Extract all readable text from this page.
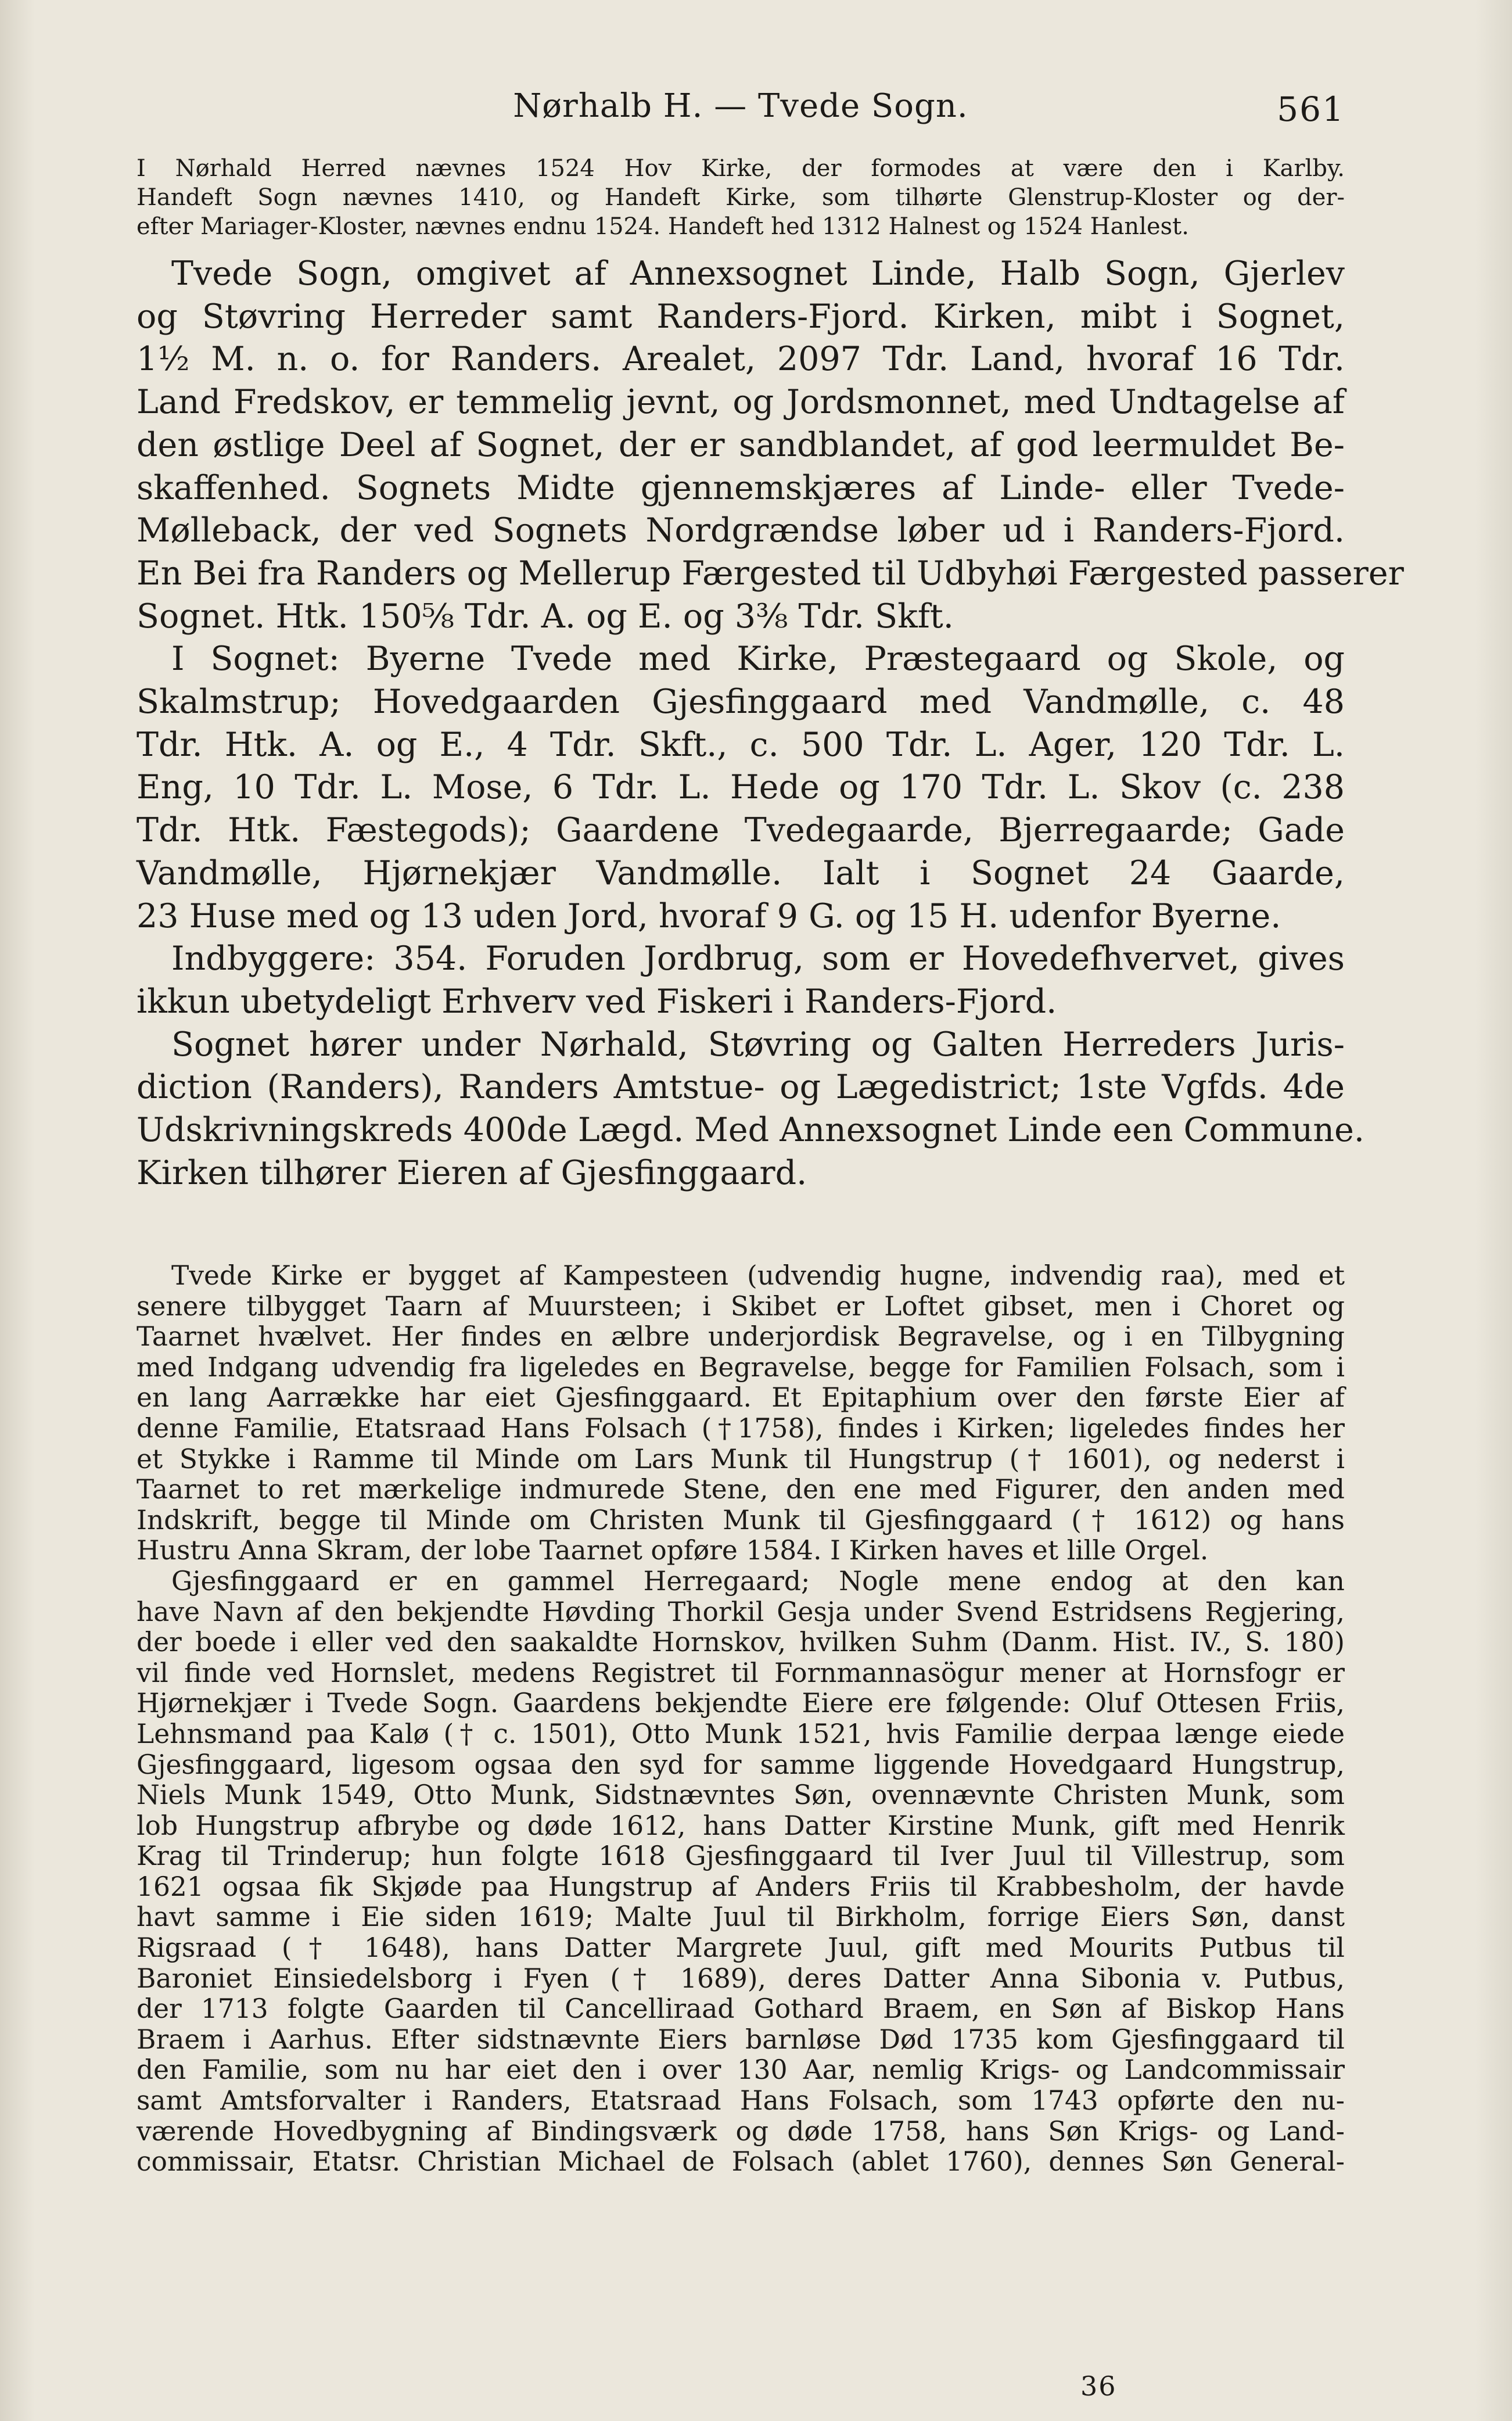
Nørhalb H. — Tvede Sogn.	561
I Nørhald Herred nævnes 1524 Hov Kirke, der formodes at være den i Karlby.
Handeft Sogn nævnes 1410, og Handeft Kirke, som tilhørte Glenstrup-Kloster og der-
efter Mariager-Kloster, nævnes endnu 1524. Handeft hed 1312 Halnest og 1524 Hanlest.
Tvede Sogn, omgivet af Annexsognet Linde, Halb Sogn, Gjerlev
og Støvring Herreder samt Randers-Fjord. Kirken, mibt i Sognet,
1½ M. n. o. for Randers. Arealet, 2097 Tdr. Land, hvoraf 16 Tdr.
Land Fredskov, er temmelig jevnt, og Jordsmonnet, med Undtagelse af
den østlige Deel af Sognet, der er sandblandet, af god leermuldet Be-
skaffenhed. Sognets Midte gjennemskjæres af Linde- eller Tvede-
Mølleback, der ved Sognets Nordgrændse løber ud i Randers-Fjord.
En Bei fra Randers og Mellerup Færgested til Udbyhøi Færgested passerer
Sognet. Htk. 150⅝ Tdr. A. og E. og 3⅜ Tdr. Skft.
I Sognet: Byerne Tvede med Kirke, Præstegaard og Skole, og
Skalmstrup; Hovedgaarden Gjesfinggaard med Vandmølle, c. 48
Tdr. Htk. A. og E., 4 Tdr. Skft., c. 500 Tdr. L. Ager, 120 Tdr. L.
Eng, 10 Tdr. L. Mose, 6 Tdr. L. Hede og 170 Tdr. L. Skov (c. 238
Tdr. Htk. Fæstegods); Gaardene Tvedegaarde, Bjerregaarde; Gade
Vandmølle, Hjørnekjær Vandmølle. Ialt i Sognet 24 Gaarde,
23 Huse med og 13 uden Jord, hvoraf 9 G. og 15 H. udenfor Byerne.
Indbyggere: 354. Foruden Jordbrug, som er Hovedefhvervet, gives
ikkun ubetydeligt Erhverv ved Fiskeri i Randers-Fjord.
Sognet hører under Nørhald, Støvring og Galten Herreders Juris-
diction (Randers), Randers Amtstue- og Lægedistrict; 1ste Vgfds. 4de
Udskrivningskreds 400de Lægd. Med Annexsognet Linde een Commune.
Kirken tilhører Eieren af Gjesfinggaard.
Tvede Kirke er bygget af Kampesteen (udvendig hugne, indvendig raa), med et
senere tilbygget Taarn af Muursteen; i Skibet er Loftet gibset, men i Choret og
Taarnet hvælvet. Her findes en ælbre underjordisk Begravelse, og i en Tilbygning
med Indgang udvendig fra ligeledes en Begravelse, begge for Familien Folsach, som i
en lang Aarrække har eiet Gjesfinggaard. Et Epitaphium over den første Eier af
denne Familie, Etatsraad Hans Folsach (†1758), findes i Kirken; ligeledes findes her
et Stykke i Ramme til Minde om Lars Munk til Hungstrup († 1601), og nederst i
Taarnet to ret mærkelige indmurede Stene, den ene med Figurer, den anden med
Indskrift, begge til Minde om Christen Munk til Gjesfinggaard († 1612) og hans
Hustru Anna Skram, der lobe Taarnet opføre 1584. I Kirken haves et lille Orgel.
Gjesfinggaard er en gammel Herregaard; Nogle mene endog at den kan
have Navn af den bekjendte Høvding Thorkil Gesja under Svend Estridsens Regjering,
der boede i eller ved den saakaldte Hornskov, hvilken Suhm (Danm. Hist. IV., S. 180)
vil finde ved Hornslet, medens Registret til Fornmannasögur mener at Hornsfogr er
Hjørnekjær i Tvede Sogn. Gaardens bekjendte Eiere ere følgende: Oluf Ottesen Friis,
Lehnsmand paa Kalø († c. 1501), Otto Munk 1521, hvis Familie derpaa længe eiede
Gjesfinggaard, ligesom ogsaa den syd for samme liggende Hovedgaard Hungstrup,
Niels Munk 1549, Otto Munk, Sidstnævntes Søn, ovennævnte Christen Munk, som
lob Hungstrup afbrybe og døde 1612, hans Datter Kirstine Munk, gift med Henrik
Krag til Trinderup; hun folgte 1618 Gjesfinggaard til Iver Juul til Villestrup, som
1621 ogsaa fik Skjøde paa Hungstrup af Anders Friis til Krabbesholm, der havde
havt samme i Eie siden 1619; Malte Juul til Birkholm, forrige Eiers Søn, danst
Rigsraad († 1648), hans Datter Margrete Juul, gift med Mourits Putbus til
Baroniet Einsiedelsborg i Fyen († 1689), deres Datter Anna Sibonia v. Putbus,
der 1713 folgte Gaarden til Cancelliraad Gothard Braem, en Søn af Biskop Hans
Braem i Aarhus. Efter sidstnævnte Eiers barnløse Død 1735 kom Gjesfinggaard til
den Familie, som nu har eiet den i over 130 Aar, nemlig Krigs- og Landcommissair
samt Amtsforvalter i Randers, Etatsraad Hans Folsach, som 1743 opførte den nu-
værende Hovedbygning af Bindingsværk og døde 1758, hans Søn Krigs- og Land-
commissair, Etatsr. Christian Michael de Folsach (ablet 1760), dennes Søn General-
36
